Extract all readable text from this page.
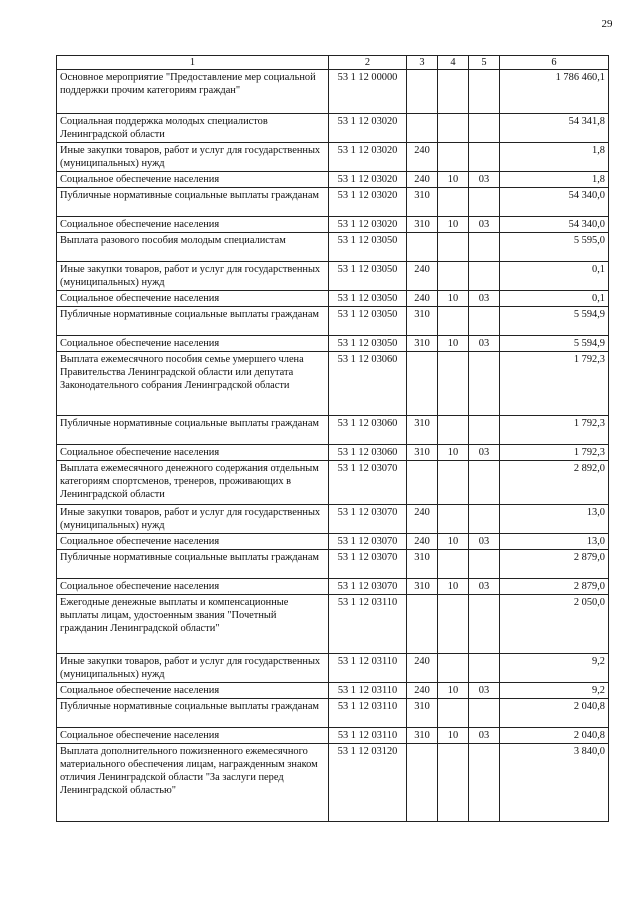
29
1	2	3	4	5	6
Основное мероприятие "Предоставление мер социальной поддержки прочим категориям граждан"	53 1 12 00000				1 786 460,1
Социальная поддержка молодых специалистов Ленинградской области	53 1 12 03020				54 341,8
Иные закупки товаров, работ и услуг для государственных (муниципальных) нужд	53 1 12 03020	240			1,8
Социальное обеспечение населения	53 1 12 03020	240	10	03	1,8
Публичные нормативные социальные выплаты гражданам	53 1 12 03020	310			54 340,0
Социальное обеспечение населения	53 1 12 03020	310	10	03	54 340,0
Выплата разового пособия молодым специалистам	53 1 12 03050				5 595,0
Иные закупки товаров, работ и услуг для государственных (муниципальных) нужд	53 1 12 03050	240			0,1
Социальное обеспечение населения	53 1 12 03050	240	10	03	0,1
Публичные нормативные социальные выплаты гражданам	53 1 12 03050	310			5 594,9
Социальное обеспечение населения	53 1 12 03050	310	10	03	5 594,9
Выплата ежемесячного пособия семье умершего члена Правительства Ленинградской области или депутата Законодательного собрания Ленинградской области	53 1 12 03060				1 792,3
Публичные нормативные социальные выплаты гражданам	53 1 12 03060	310			1 792,3
Социальное обеспечение населения	53 1 12 03060	310	10	03	1 792,3
Выплата ежемесячного денежного содержания отдельным категориям спортсменов, тренеров, проживающих в Ленинградской области	53 1 12 03070				2 892,0
Иные закупки товаров, работ и услуг для государственных (муниципальных) нужд	53 1 12 03070	240			13,0
Социальное обеспечение населения	53 1 12 03070	240	10	03	13,0
Публичные нормативные социальные выплаты гражданам	53 1 12 03070	310			2 879,0
Социальное обеспечение населения	53 1 12 03070	310	10	03	2 879,0
Ежегодные денежные выплаты и компенсационные выплаты лицам, удостоенным звания "Почетный гражданин Ленинградской области"	53 1 12 03110				2 050,0
Иные закупки товаров, работ и услуг для государственных (муниципальных) нужд	53 1 12 03110	240			9,2
Социальное обеспечение населения	53 1 12 03110	240	10	03	9,2
Публичные нормативные социальные выплаты гражданам	53 1 12 03110	310			2 040,8
Социальное обеспечение населения	53 1 12 03110	310	10	03	2 040,8
Выплата дополнительного пожизненного ежемесячного материального обеспечения лицам, награжденным знаком отличия Ленинградской области "За заслуги перед Ленинградской областью"	53 1 12 03120				3 840,0
